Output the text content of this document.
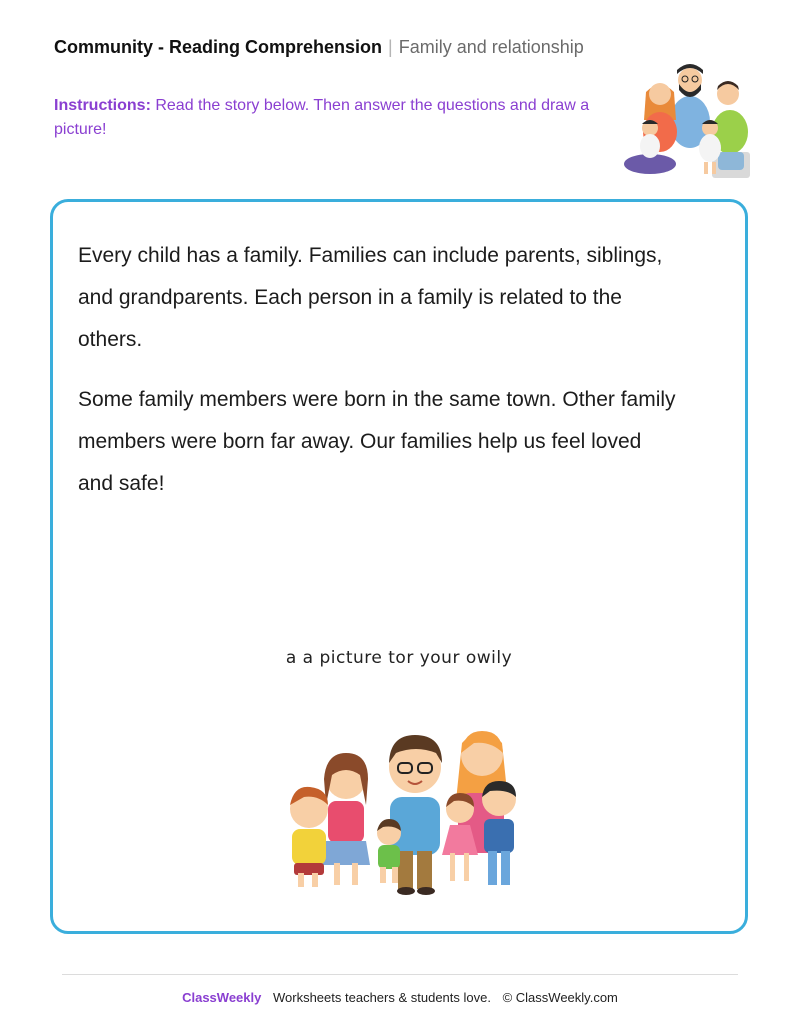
Community - Reading Comprehension | Family and relationship
Instructions: Read the story below. Then answer the questions and draw a picture!

Every child has a family. Families can include parents, siblings, and grandparents. Each person in a family is related to the others.

Some family members were born in the same town. Other family members were born far away. Our families help us feel loved and safe!

a a picture tor your owily
ClassWeekly Worksheets teachers & students love. © ClassWeekly.com
